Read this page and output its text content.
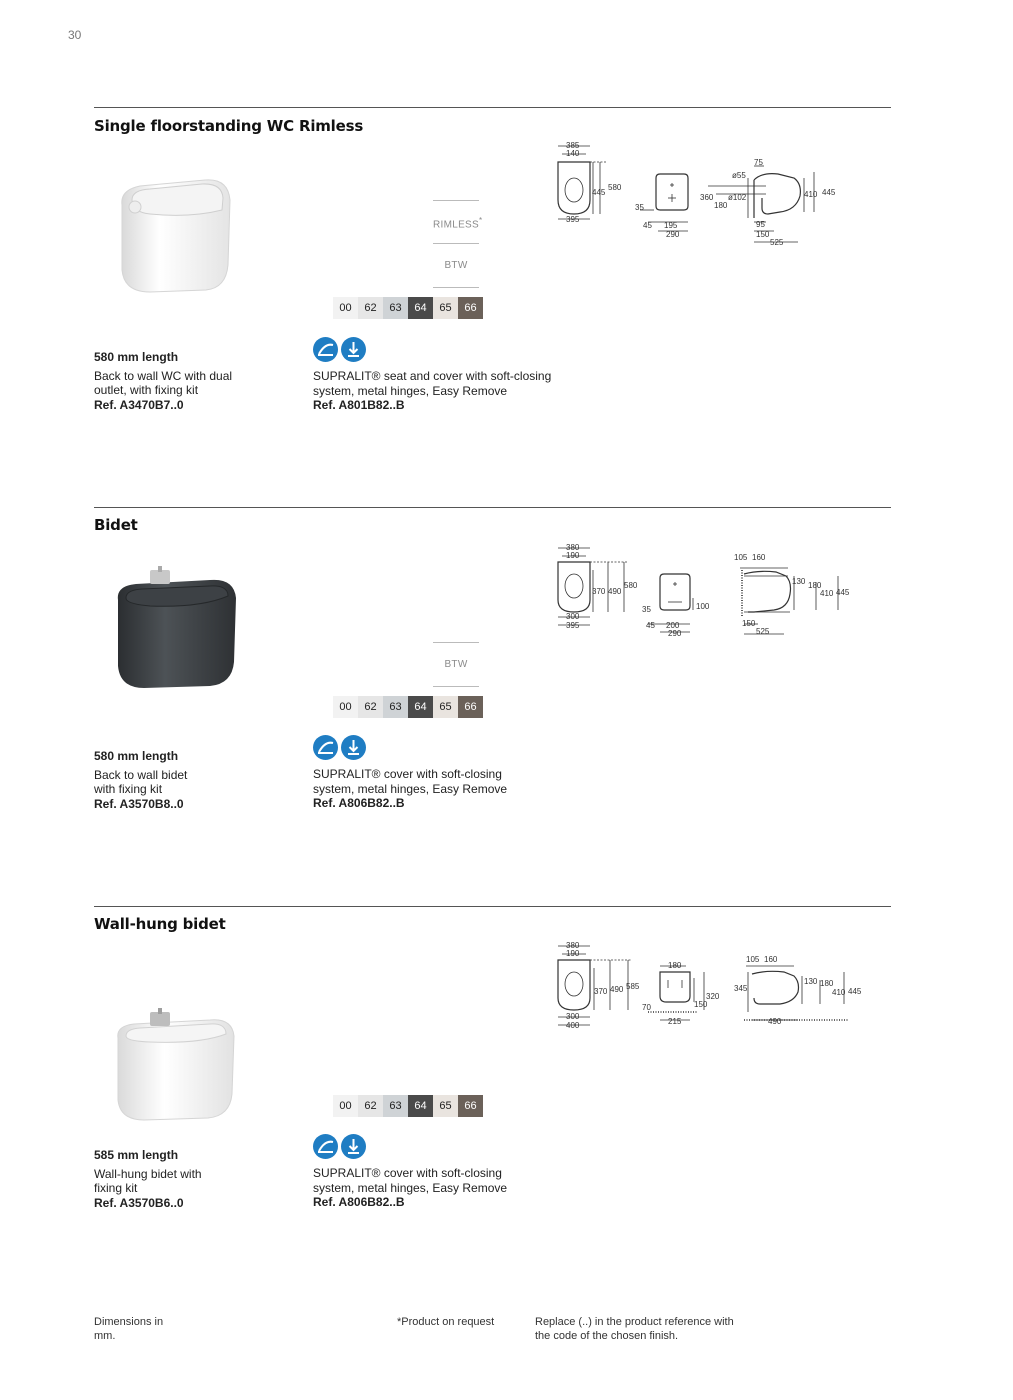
30
Single floorstanding WC Rimless
RIMLESS*
BTW
00	62	63	64	65	66
580 mm length
Back to wall WC with dual outlet, with fixing kit
Ref. A3470B7..0
SUPRALIT® seat and cover with soft-closing system, metal hinges, Easy Remove
Ref. A801B82..B
385
140
445
580
395
35
45 195
290
75
ø55
ø102
360
180
410 445
95
150
525
Bidet
BTW
00	62	63	64	65	66
580 mm length
Back to wall bidet with fixing kit
Ref. A3570B8..0
SUPRALIT® cover with soft-closing system, metal hinges, Easy Remove
Ref. A806B82..B
380
190
370 490
580
300
395
35
45 200
290
100
105 160
130 180
410 445
150
525
Wall-hung bidet
00	62	63	64	65	66
585 mm length
Wall-hung bidet with fixing kit
Ref. A3570B6..0
SUPRALIT® cover with soft-closing system, metal hinges, Easy Remove
Ref. A806B82..B
380
190
370 490 585
300
400
180
70	150
320
215
105 160
345
130 180
410 445
490
Dimensions in mm.
*Product on request	Replace (..) in the product reference with the code of the chosen finish.
